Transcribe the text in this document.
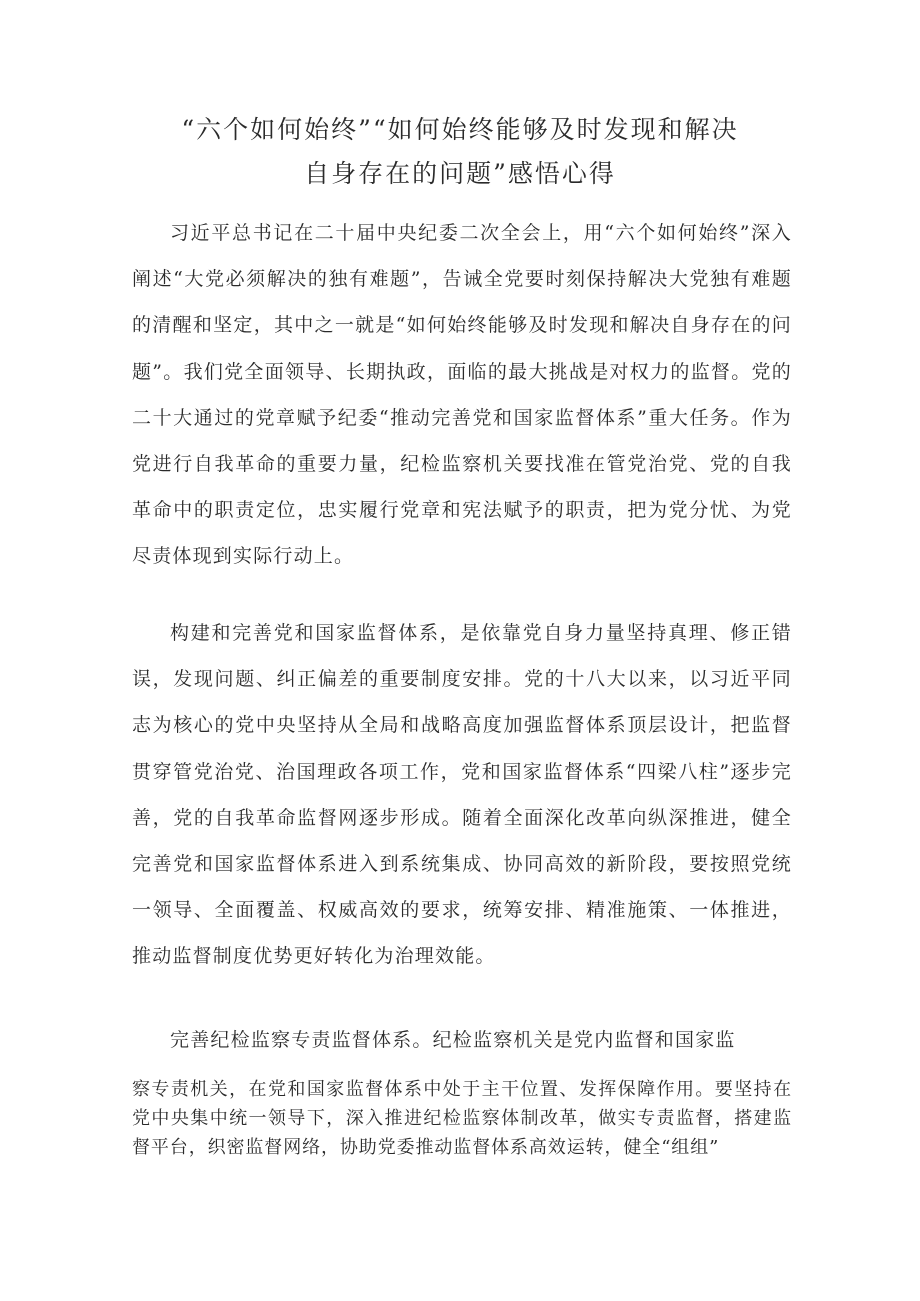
“六个如何始终”“如何始终能够及时发现和解决
自身存在的问题”感悟心得

习近平总书记在二十届中央纪委二次全会上，用“六个如何始终”深入阐述“大党必须解决的独有难题”，告诫全党要时刻保持解决大党独有难题的清醒和坚定，其中之一就是“如何始终能够及时发现和解决自身存在的问题”。我们党全面领导、长期执政，面临的最大挑战是对权力的监督。党的二十大通过的党章赋予纪委“推动完善党和国家监督体系”重大任务。作为党进行自我革命的重要力量，纪检监察机关要找准在管党治党、党的自我革命中的职责定位，忠实履行党章和宪法赋予的职责，把为党分忧、为党尽责体现到实际行动上。

构建和完善党和国家监督体系，是依靠党自身力量坚持真理、修正错误，发现问题、纠正偏差的重要制度安排。党的十八大以来，以习近平同志为核心的党中央坚持从全局和战略高度加强监督体系顶层设计，把监督贯穿管党治党、治国理政各项工作，党和国家监督体系“四梁八柱”逐步完善，党的自我革命监督网逐步形成。随着全面深化改革向纵深推进，健全完善党和国家监督体系进入到系统集成、协同高效的新阶段，要按照党统一领导、全面覆盖、权威高效的要求，统筹安排、精准施策、一体推进，推动监督制度优势更好转化为治理效能。

完善纪检监察专责监督体系。纪检监察机关是党内监督和国家监

察专责机关，在党和国家监督体系中处于主干位置、发挥保障作用。要坚持在党中央集中统一领导下，深入推进纪检监察体制改革，做实专责监督，搭建监督平台，织密监督网络，协助党委推动监督体系高效运转，健全“组组”
